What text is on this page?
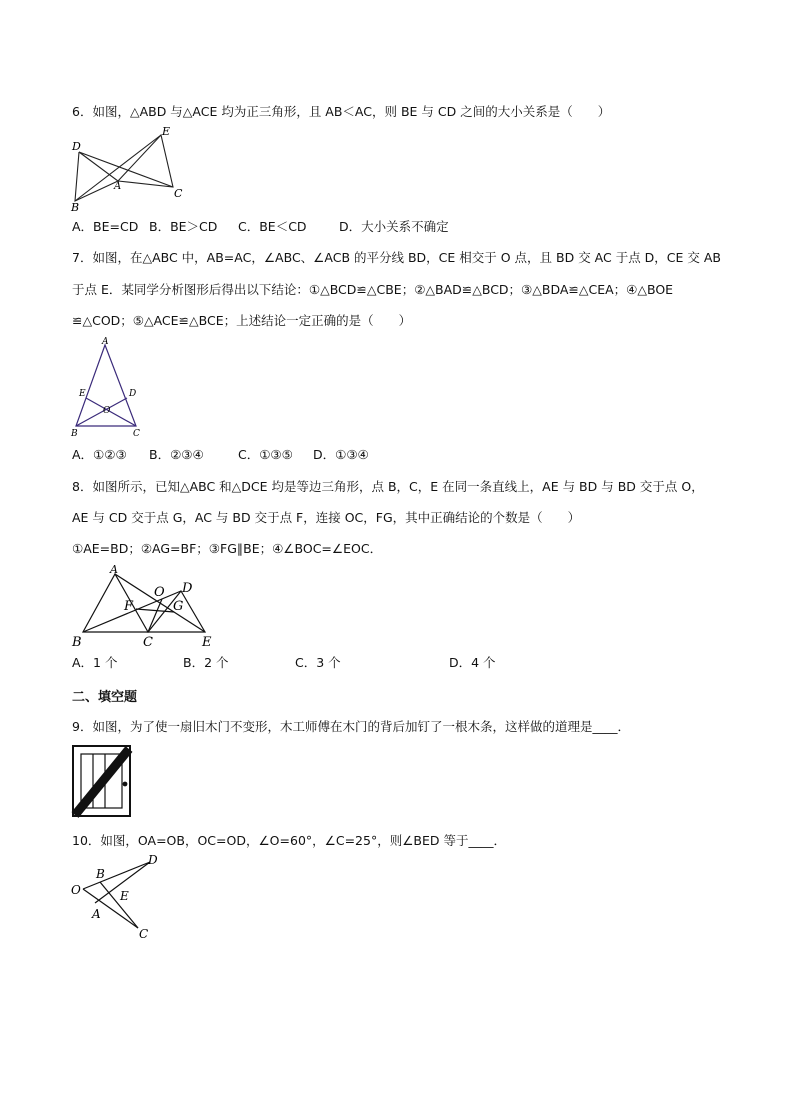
6．如图，△ABD 与△ACE 均为正三角形，且 AB＜AC，则 BE 与 CD 之间的大小关系是（　　）
D
E
A
B
C
A．BE=CD B．BE＞CD C．BE＜CD	D．大小关系不确定
7．如图，在△ABC 中，AB=AC，∠ABC、∠ACB 的平分线 BD，CE 相交于 O 点，且 BD 交 AC 于点 D，CE 交 AB
于点 E．某同学分析图形后得出以下结论：①△BCD≌△CBE；②△BAD≌△BCD；③△BDA≌△CEA；④△BOE
≌△COD；⑤△ACE≌△BCE；上述结论一定正确的是（　　）
A
E	D
O
B	C
A．①②③ B．②③④	C．①③⑤ D．①③④
8．如图所示，已知△ABC 和△DCE 均是等边三角形，点 B，C，E 在同一条直线上，AE 与 BD 与 BD 交于点 O，
AE 与 CD 交于点 G，AC 与 BD 交于点 F，连接 OC，FG，其中正确结论的个数是（　　）
①AE=BD；②AG=BF；③FG∥BE；④∠BOC=∠EOC．
A
D
O
F	G
B	C	E
A．1 个	B．2 个	C．3 个	D．4 个
二、填空题
9．如图，为了使一扇旧木门不变形，木工师傅在木门的背后加钉了一根木条，这样做的道理是____．
10．如图，OA=OB，OC=OD，∠O=60°，∠C=25°，则∠BED 等于____．
D
B
O	E
A
C
